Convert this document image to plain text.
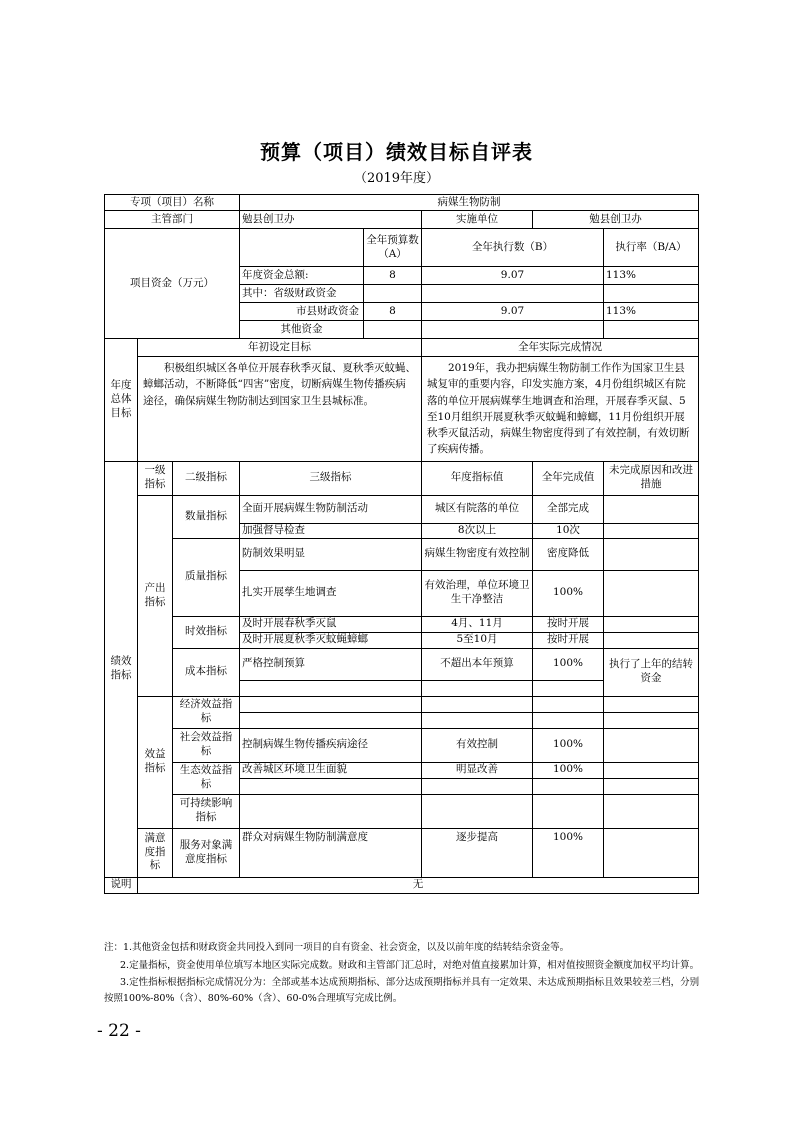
预算（项目）绩效目标自评表
（2019年度）
专项（项目）名称			病媒生物防制				
主管部门			勉县创卫办		实施单位	勉县创卫办	
项目资金（万元）				全年预算数（A）	全年执行数（B）		执行率（B/A）
			年度资金总额:	8	9.07		113%
			其中：省级财政资金				
			市县财政资金	8	9.07		113%
			其他资金				
年度总体目标	年初设定目标				全年实际完成情况		
	积极组织城区各单位开展春秋季灭鼠、夏秋季灭蚊蝇、蟑螂活动，不断降低“四害”密度，切断病媒生物传播疾病途径，确保病媒生物防制达到国家卫生县城标准。				2019年，我办把病媒生物防制工作作为国家卫生县城复审的重要内容，印发实施方案，4月份组织城区有院落的单位开展病媒孳生地调查和治理，开展春季灭鼠、5至10月组织开展夏秋季灭蚊蝇和蟑螂，11月份组织开展秋季灭鼠活动，病媒生物密度得到了有效控制，有效切断了疾病传播。		
绩效指标	一级指标	二级指标	三级指标		年度指标值	全年完成值	未完成原因和改进措施
	产出指标	数量指标	全面开展病媒生物防制活动		城区有院落的单位	全部完成	
			加强督导检查		8次以上	10次	
		质量指标	防制效果明显		病媒生物密度有效控制	密度降低	
			扎实开展孳生地调查		有效治理，单位环境卫生干净整洁	100%	
		时效指标	及时开展春秋季灭鼠		4月、11月	按时开展	
			及时开展夏秋季灭蚊蝇蟑螂		5至10月	按时开展	
		成本指标	严格控制预算		不超出本年预算	100%	执行了上年的结转资金

	效益指标	经济效益指标					

		社会效益指标	控制病媒生物传播疾病途径		有效控制	100%	
		生态效益指标	改善城区环境卫生面貌		明显改善	100%	

		可持续影响指标					
	满意度指标	服务对象满意度指标	群众对病媒生物防制满意度		逐步提高	100%	
说明	无						

注：1.其他资金包括和财政资金共同投入到同一项目的自有资金、社会资金，以及以前年度的结转结余资金等。

2.定量指标，资金使用单位填写本地区实际完成数。财政和主管部门汇总时，对绝对值直接累加计算，相对值按照资金额度加权平均计算。

3.定性指标根据指标完成情况分为：全部或基本达成预期指标、部分达成预期指标并具有一定效果、未达成预期指标且效果较差三档，分别按照100%-80%（含）、80%-60%（含）、60-0%合理填写完成比例。

- 22 -
